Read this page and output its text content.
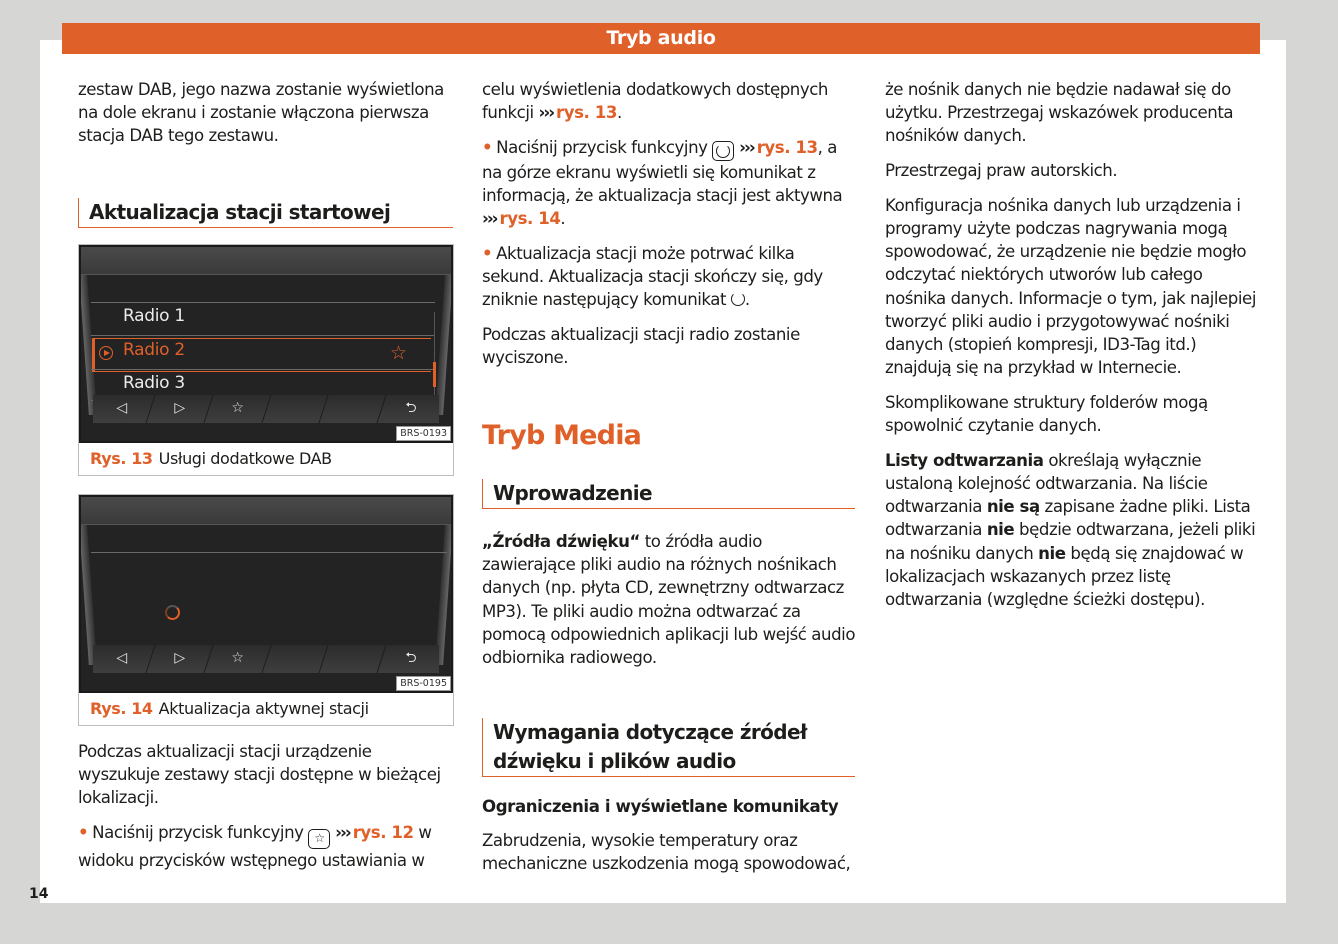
Tryb audio
14

zestaw DAB, jego nazwa zostanie wyświetlona na dole ekranu i zostanie włączona pierwsza stacja DAB tego zestawu.

Aktualizacja stacji startowej
Radio 1
Radio 2	☆
Radio 3
◁	▷	☆	⮌
BRS-0193
Rys. 13 Usługi dodatkowe DAB
◁	▷	☆	⮌
BRS-0195
Rys. 14 Aktualizacja aktywnej stacji

Podczas aktualizacji stacji urządzenie wyszukuje zestawy stacji dostępne w bieżącej lokalizacji.

• Naciśnij przycisk funkcyjny ☆ ››› rys. 12 w widoku przycisków wstępnego ustawiania w

celu wyświetlenia dodatkowych dostępnych funkcji ››› rys. 13.

• Naciśnij przycisk funkcyjny ››› rys. 13, a na górze ekranu wyświetli się komunikat z informacją, że aktualizacja stacji jest aktywna ››› rys. 14.

• Aktualizacja stacji może potrwać kilka sekund. Aktualizacja stacji skończy się, gdy zniknie następujący komunikat .

Podczas aktualizacji stacji radio zostanie wyciszone.

Tryb Media
Wprowadzenie

„Źródła dźwięku“ to źródła audio zawierające pliki audio na różnych nośnikach danych (np. płyta CD, zewnętrzny odtwarzacz MP3). Te pliki audio można odtwarzać za pomocą odpowiednich aplikacji lub wejść audio odbiornika radiowego.

Wymagania dotyczące źródeł dźwięku i plików audio
Ograniczenia i wyświetlane komunikaty

Zabrudzenia, wysokie temperatury oraz mechaniczne uszkodzenia mogą spowodować,

że nośnik danych nie będzie nadawał się do użytku. Przestrzegaj wskazówek producenta nośników danych.

Przestrzegaj praw autorskich.

Konfiguracja nośnika danych lub urządzenia i programy użyte podczas nagrywania mogą spowodować, że urządzenie nie będzie mogło odczytać niektórych utworów lub całego nośnika danych. Informacje o tym, jak najlepiej tworzyć pliki audio i przygotowywać nośniki danych (stopień kompresji, ID3-Tag itd.) znajdują się na przykład w Internecie.

Skomplikowane struktury folderów mogą spowolnić czytanie danych.

Listy odtwarzania określają wyłącznie ustaloną kolejność odtwarzania. Na liście odtwarzania nie są zapisane żadne pliki. Lista odtwarzania nie będzie odtwarzana, jeżeli pliki na nośniku danych nie będą się znajdować w lokalizacjach wskazanych przez listę odtwarzania (względne ścieżki dostępu).
